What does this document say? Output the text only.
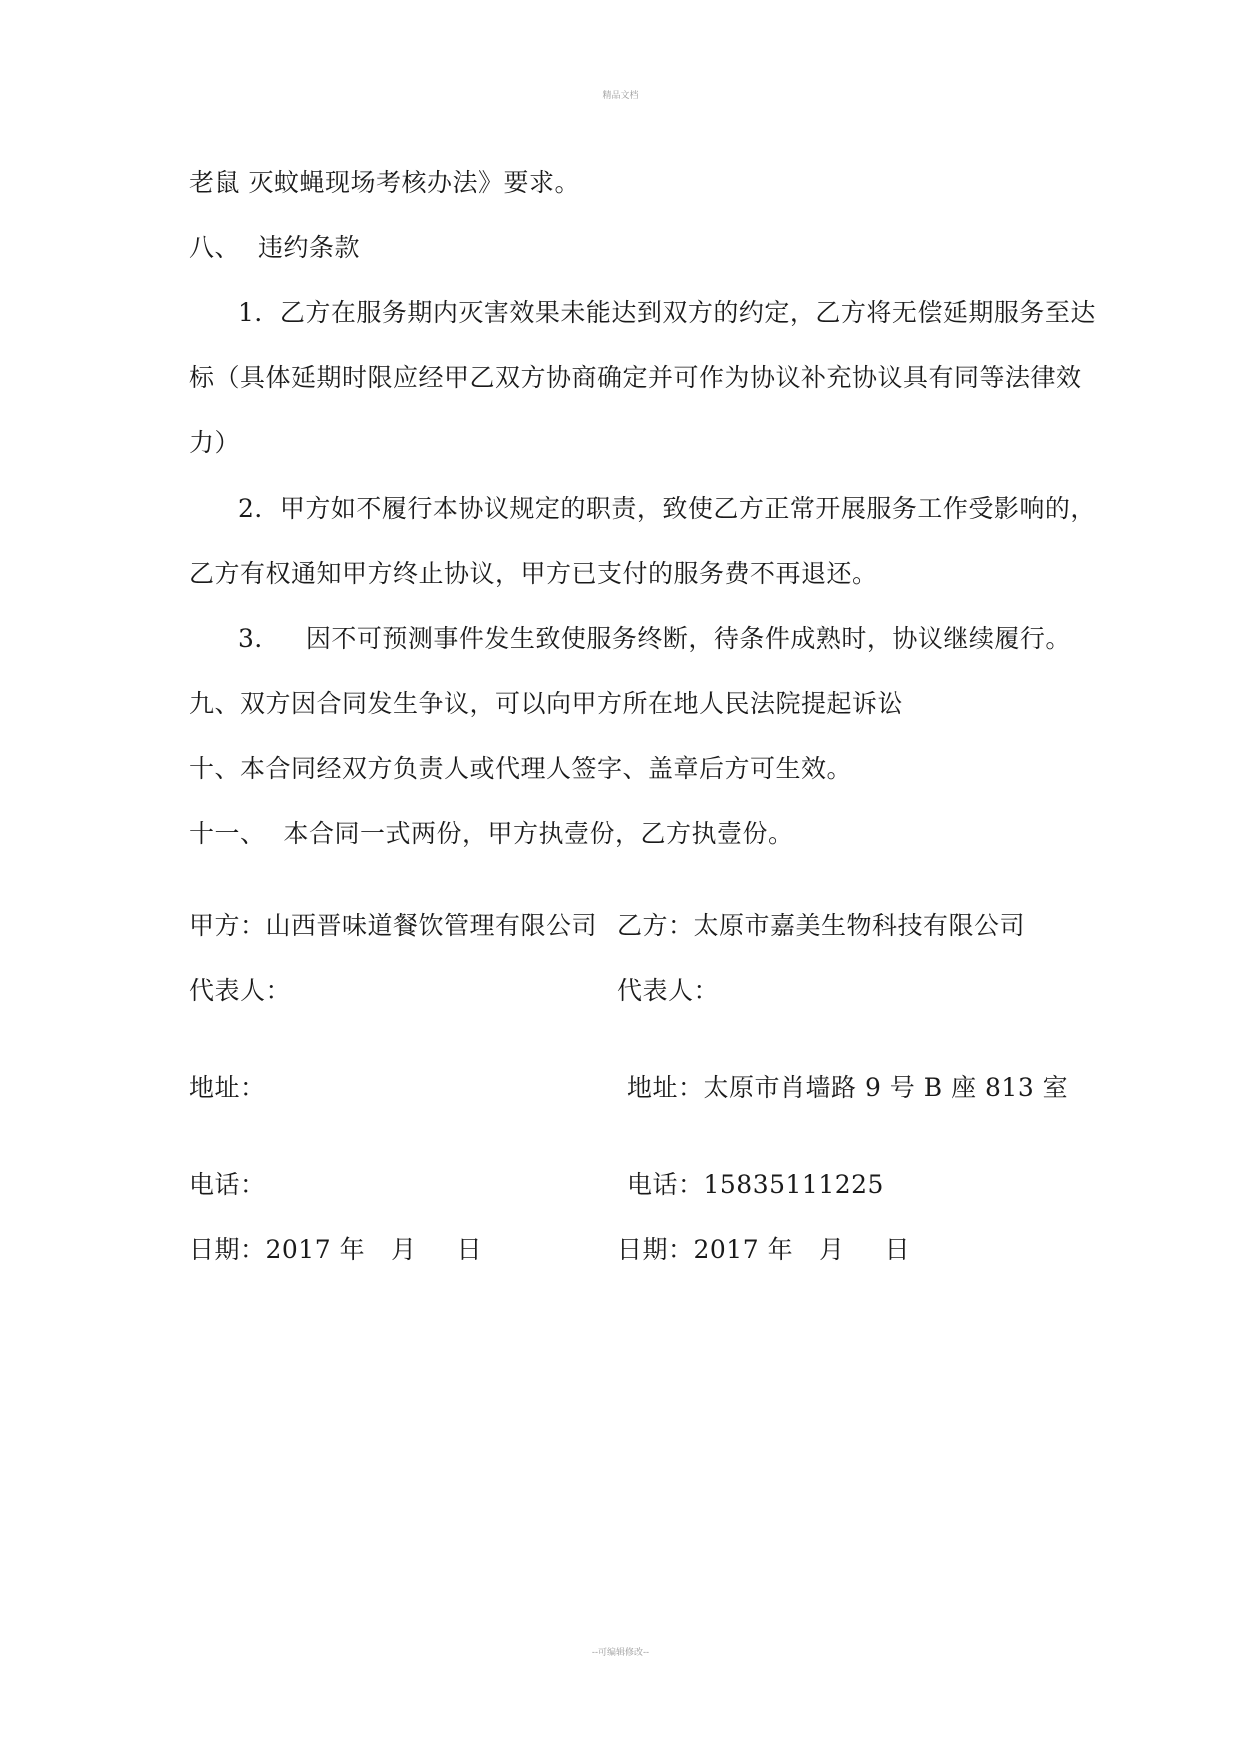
精品文档
老鼠 灭蚊蝇现场考核办法》要求。
八、 违约条款
1．乙方在服务期内灭害效果未能达到双方的约定，乙方将无偿延期服务至达
标（具体延期时限应经甲乙双方协商确定并可作为协议补充协议具有同等法律效
力）
2．甲方如不履行本协议规定的职责，致使乙方正常开展服务工作受影响的，
乙方有权通知甲方终止协议，甲方已支付的服务费不再退还。
3． 因不可预测事件发生致使服务终断，待条件成熟时，协议继续履行。
九、双方因合同发生争议，可以向甲方所在地人民法院提起诉讼
十、本合同经双方负责人或代理人签字、盖章后方可生效。
十一、 本合同一式两份，甲方执壹份，乙方执壹份。
甲方：山西晋味道餐饮管理有限公司 乙方：太原市嘉美生物科技有限公司
代表人：	代表人：
地址：	地址：太原市肖墙路 9 号 B 座 813 室
电话：	电话：15835111225
日期：2017 年 月 日	日期：2017 年 月 日
--可编辑修改--
